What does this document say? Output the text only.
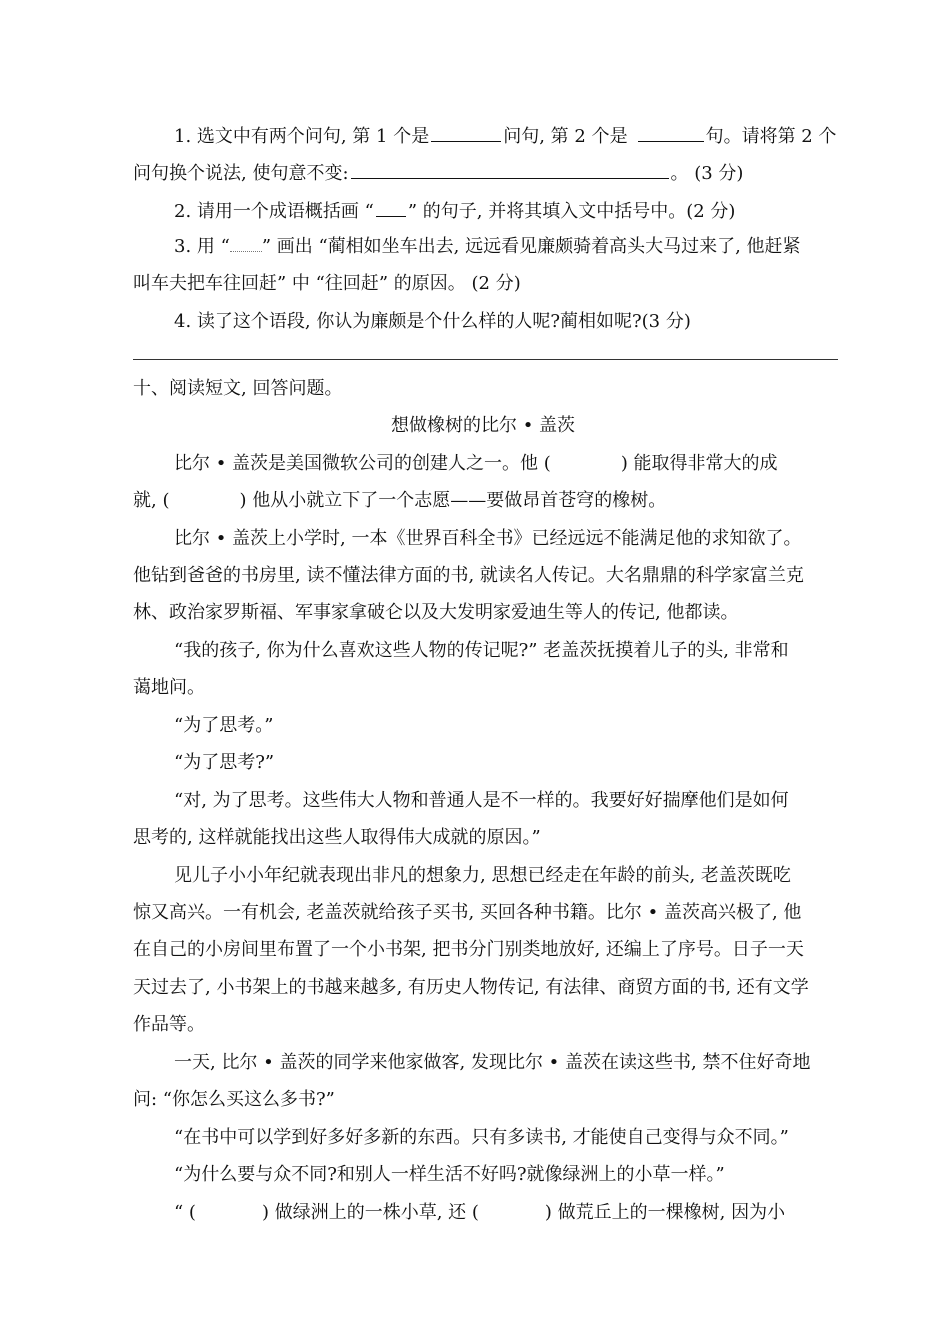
1. 选文中有两个问句, 第 1 个是	问句, 第 2 个是	句。请将第 2 个
问句换个说法, 使句意不变:	。 (3 分)
2. 请用一个成语概括画 “ ” 的句子, 并将其填入文中括号中。(2 分)
3. 用 “ ” 画出 “蔺相如坐车出去, 远远看见廉颇骑着高头大马过来了, 他赶紧
叫车夫把车往回赶” 中 “往回赶” 的原因。 (2 分)
4. 读了这个语段, 你认为廉颇是个什么样的人呢?蔺相如呢?(3 分)
十、阅读短文, 回答问题。
想做橡树的比尔 • 盖茨
比尔 • 盖茨是美国微软公司的创建人之一。他 (	) 能取得非常大的成
就, (	) 他从小就立下了一个志愿——要做昂首苍穹的橡树。
比尔 • 盖茨上小学时, 一本《世界百科全书》已经远远不能满足他的求知欲了。
他钻到爸爸的书房里, 读不懂法律方面的书, 就读名人传记。大名鼎鼎的科学家富兰克
林、政治家罗斯福、军事家拿破仑以及大发明家爱迪生等人的传记, 他都读。
“我的孩子, 你为什么喜欢这些人物的传记呢?” 老盖茨抚摸着儿子的头, 非常和
蔼地问。
“为了思考。”
“为了思考?”
“对, 为了思考。这些伟大人物和普通人是不一样的。我要好好揣摩他们是如何
思考的, 这样就能找出这些人取得伟大成就的原因。”
见儿子小小年纪就表现出非凡的想象力, 思想已经走在年龄的前头, 老盖茨既吃
惊又高兴。一有机会, 老盖茨就给孩子买书, 买回各种书籍。比尔 • 盖茨高兴极了, 他
在自己的小房间里布置了一个小书架, 把书分门别类地放好, 还编上了序号。日子一天
天过去了, 小书架上的书越来越多, 有历史人物传记, 有法律、商贸方面的书, 还有文学
作品等。
一天, 比尔 • 盖茨的同学来他家做客, 发现比尔 • 盖茨在读这些书, 禁不住好奇地
问: “你怎么买这么多书?”
“在书中可以学到好多好多新的东西。只有多读书, 才能使自己变得与众不同。”
“为什么要与众不同?和别人一样生活不好吗?就像绿洲上的小草一样。”
“ (	) 做绿洲上的一株小草, 还 (	) 做荒丘上的一棵橡树, 因为小
